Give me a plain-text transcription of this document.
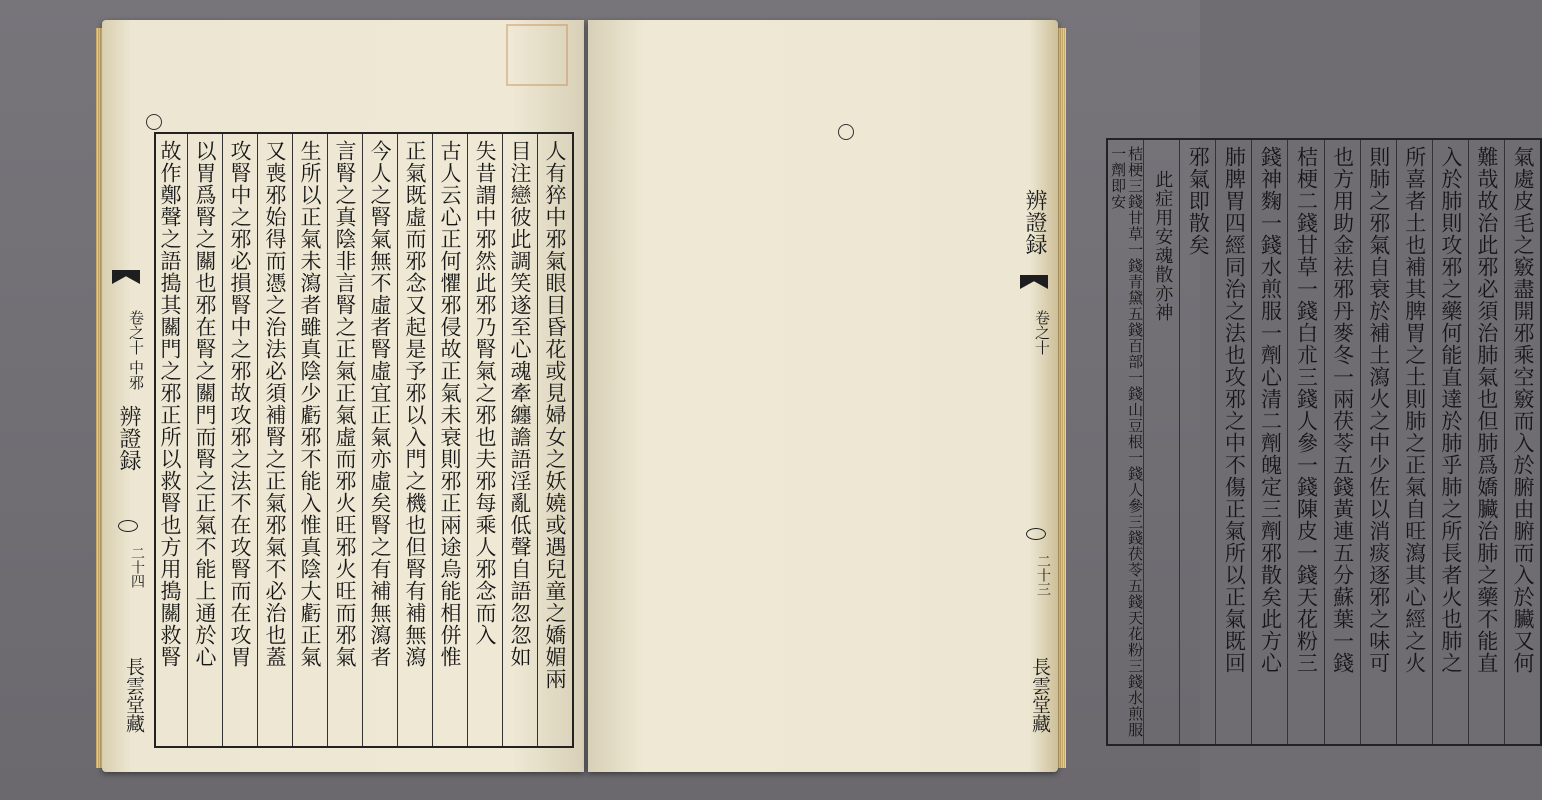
辨證録
卷之十 中邪
二十四
長雲堂藏
人有猝中邪氣眼目昏花或見婦女之妖嬈或遇兒童之嬌媚兩
目注戀彼此調笑遂至心魂牽纏譫語淫亂低聲自語忽忽如
失昔謂中邪然此邪乃腎氣之邪也夫邪每乘人邪念而入
古人云心正何懼邪侵故正氣未衰則邪正兩途烏能相併惟
正氣既虛而邪念又起是予邪以入門之機也但腎有補無瀉
今人之腎氣無不虛者腎虛宜正氣亦虛矣腎之有補無瀉者
言腎之真陰非言腎之正氣正氣虛而邪火旺邪火旺而邪氣
生所以正氣未瀉者雖真陰少虧邪不能入惟真陰大虧正氣
又喪邪始得而憑之治法必須補腎之正氣邪氣不必治也蓋
攻腎中之邪必損腎中之邪故攻邪之法不在攻腎而在攻胃
以胃爲腎之關也邪在腎之關門而腎之正氣不能上通於心
故作鄭聲之語搗其關門之邪正所以救腎也方用搗關救腎	氣處皮毛之竅盡開邪乘空竅而入於腑由腑而入於臟又何
難哉故治此邪必須治肺氣也但肺爲嬌臟治肺之藥不能直
入於肺則攻邪之藥何能直達於肺乎肺之所長者火也肺之
所喜者土也補其脾胃之土則肺之正氣自旺瀉其心經之火
則肺之邪氣自衰於補土瀉火之中少佐以消痰逐邪之味可
也方用助金祛邪丹麥冬一兩茯苓五錢黃連五分蘇葉一錢
桔梗二錢甘草一錢白朮三錢人參一錢陳皮一錢天花粉三
錢神麴一錢水煎服一劑心清二劑魄定三劑邪散矣此方心
肺脾胃四經同治之法也攻邪之中不傷正氣所以正氣既回
邪氣即散矣
此症用安魂散亦神
桔梗三錢甘草一錢青黛五錢百部一錢山豆根一錢人參三錢茯苓五錢天花粉三錢水煎服一劑即安
辨證録
卷之十
二十三
長雲堂藏
